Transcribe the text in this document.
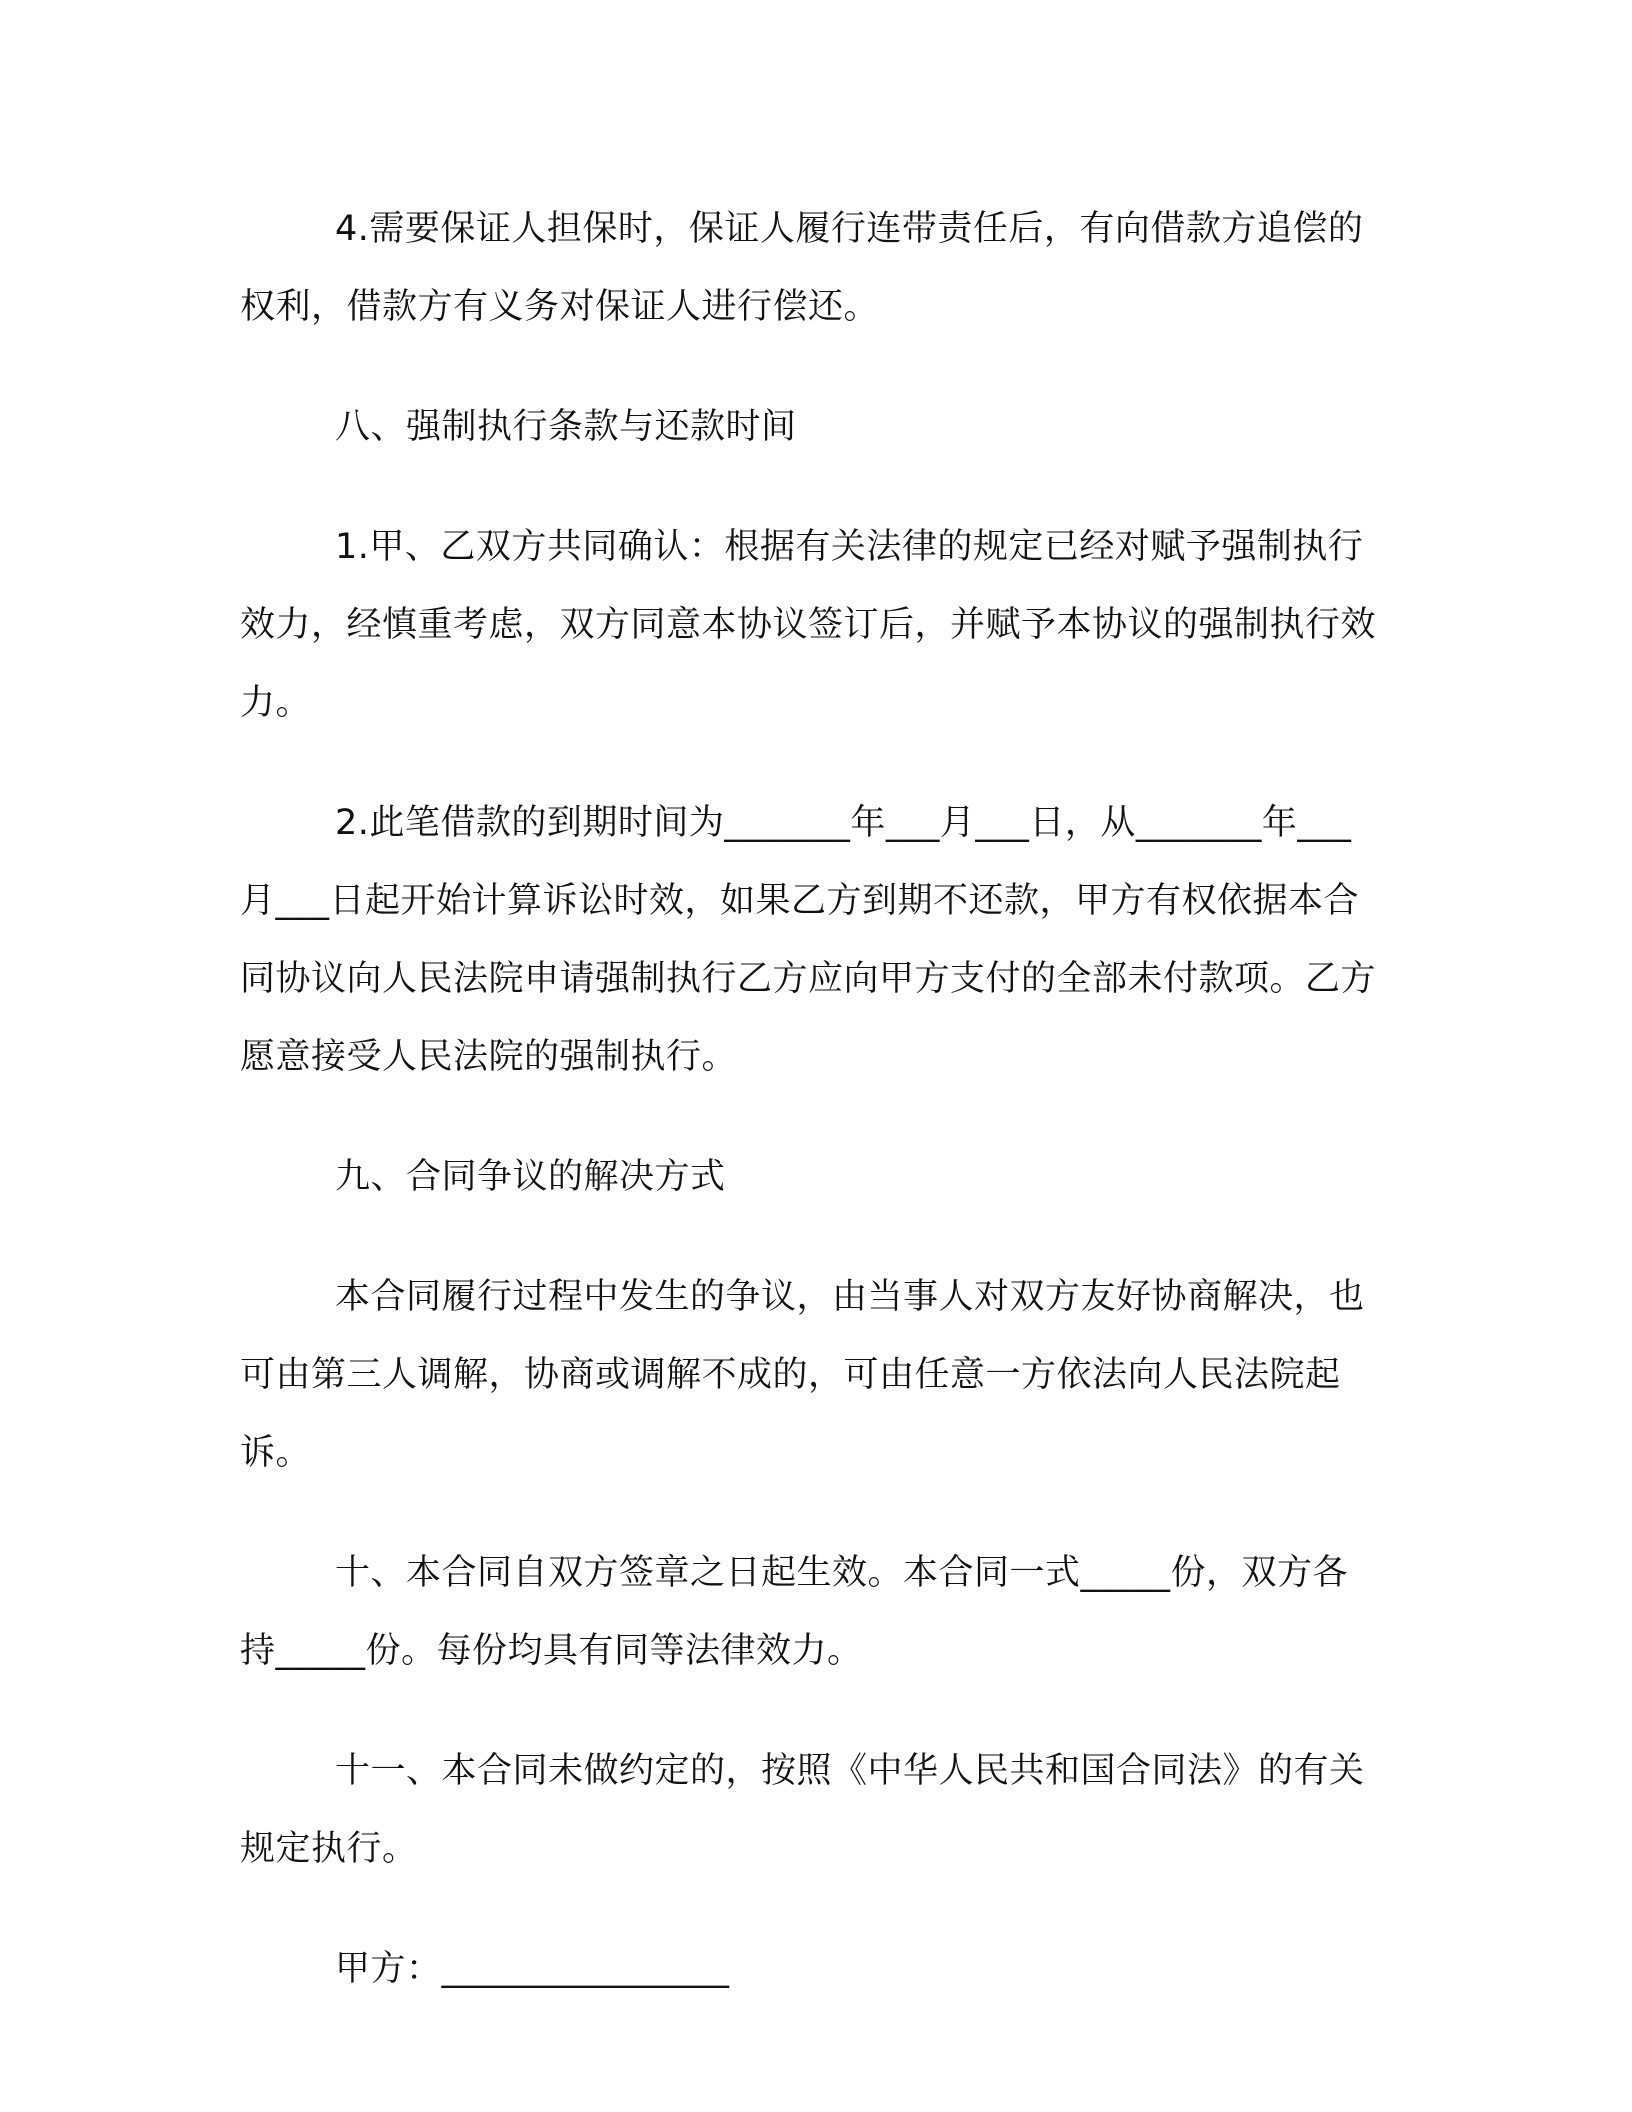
4.需要保证人担保时，保证人履行连带责任后，有向借款方追偿的权利，借款方有义务对保证人进行偿还。

八、强制执行条款与还款时间

1.甲、乙双方共同确认：根据有关法律的规定已经对赋予强制执行效力，经慎重考虑，双方同意本协议签订后，并赋予本协议的强制执行效力。

2.此笔借款的到期时间为_______年___月___日，从_______年___月___日起开始计算诉讼时效，如果乙方到期不还款，甲方有权依据本合同协议向人民法院申请强制执行乙方应向甲方支付的全部未付款项。乙方愿意接受人民法院的强制执行。

九、合同争议的解决方式

本合同履行过程中发生的争议，由当事人对双方友好协商解决，也可由第三人调解，协商或调解不成的，可由任意一方依法向人民法院起诉。

十、本合同自双方签章之日起生效。本合同一式_____份，双方各持_____份。每份均具有同等法律效力。

十一、本合同未做约定的，按照《中华人民共和国合同法》的有关规定执行。

甲方：________________
